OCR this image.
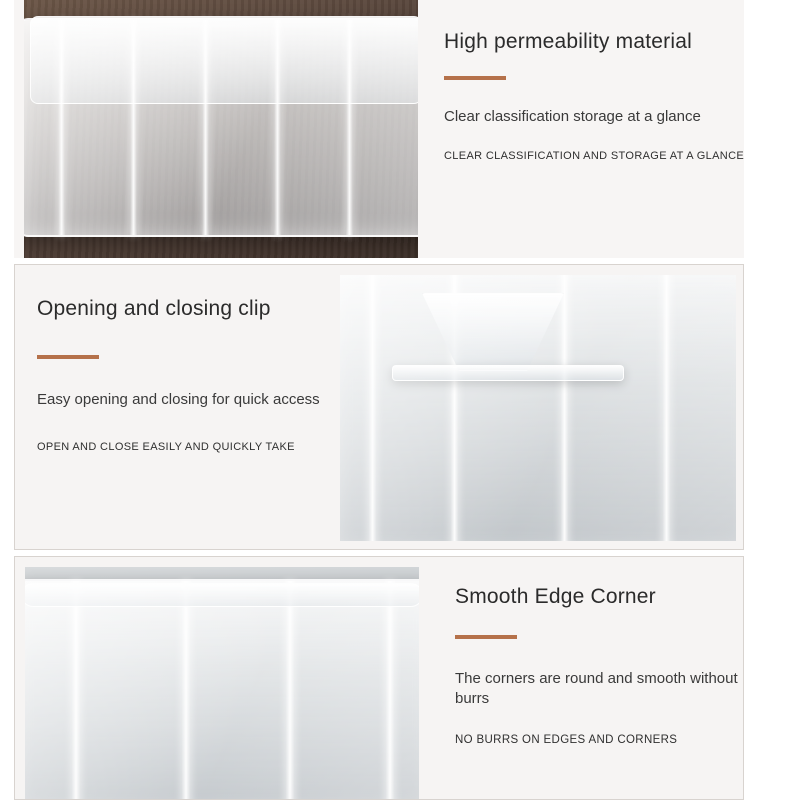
High permeability material
Clear classification storage at a glance
CLEAR CLASSIFICATION AND STORAGE AT A GLANCE
Opening and closing clip
Easy opening and closing for quick access
OPEN AND CLOSE EASILY AND QUICKLY TAKE
Smooth Edge Corner
The corners are round and smooth without burrs
NO BURRS ON EDGES AND CORNERS
